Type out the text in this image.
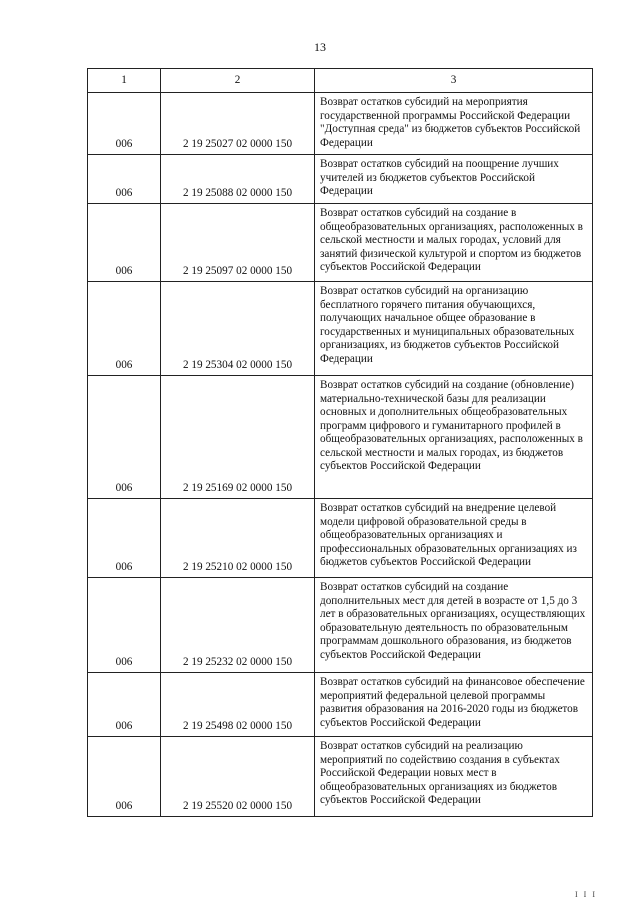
13
1	2	3
006	2 19 25027 02 0000 150	Возврат остатков субсидий на мероприятия государственной программы Российской Федерации "Доступная среда" из бюджетов субъектов Российской Федерации
006	2 19 25088 02 0000 150	Возврат остатков субсидий на поощрение лучших учителей из бюджетов субъектов Российской Федерации
006	2 19 25097 02 0000 150	Возврат остатков субсидий на создание в общеобразовательных организациях, расположенных в сельской местности и малых городах, условий для занятий физической культурой и спортом из бюджетов субъектов Российской Федерации
006	2 19 25304 02 0000 150	Возврат остатков субсидий на организацию бесплатного горячего питания обучающихся, получающих начальное общее образование в государственных и муниципальных образовательных организациях, из бюджетов субъектов Российской Федерации
006	2 19 25169 02 0000 150	Возврат остатков субсидий на создание (обновление) материально-технической базы для реализации основных и дополнительных общеобразовательных программ цифрового и гуманитарного профилей в общеобразовательных организациях, расположенных в сельской местности и малых городах, из бюджетов субъектов Российской Федерации
006	2 19 25210 02 0000 150	Возврат остатков субсидий на внедрение целевой модели цифровой образовательной среды в общеобразовательных организациях и профессиональных образовательных организациях из бюджетов субъектов Российской Федерации
006	2 19 25232 02 0000 150	Возврат остатков субсидий на создание дополнительных мест для детей в возрасте от 1,5 до 3 лет в образовательных организациях, осуществляющих образовательную деятельность по образовательным программам дошкольного образования, из бюджетов субъектов Российской Федерации
006	2 19 25498 02 0000 150	Возврат остатков субсидий на финансовое обеспечение мероприятий федеральной целевой программы развития образования на 2016-2020 годы из бюджетов субъектов Российской Федерации
006	2 19 25520 02 0000 150	Возврат остатков субсидий на реализацию мероприятий по содействию создания в субъектах Российской Федерации новых мест в общеобразовательных организациях из бюджетов субъектов Российской Федерации
I I I
